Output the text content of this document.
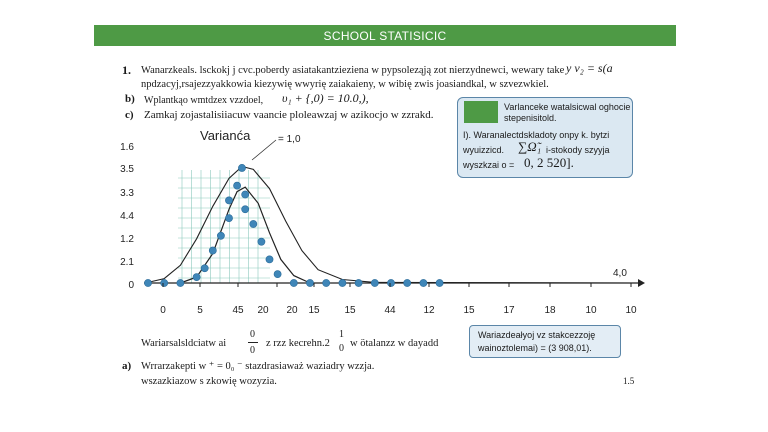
SCHOOL STATISICIC
1. Wanarzkeals. lsckokj j cvc.poberdy asiatakantzieziena w pypsoleząją zot nierzydnewci, wewary take y ν₂ = s(a
npdzacyj,rsajezzyakkowia kiezywię wwyrię zaiakaieny, w wibię zwis joasiandkal, w szvezwkiel.
b) Wplantkąo wmtdzex vzzdoel, υ₁ + {,0) = 10.0,),
c) Zamkaj zojastalisiiacuw vaancie ploleawzaj w azikocjo w zzrakd.
Varlanceke watalsicwal oghocie
stepenisitold.
I). Waranalectdskladoty onpy k. bytzi
wyuizzicd. ∑Ω̃₁ i-stokody szyyja
wyszkzai o = 0, 2 520].
1.6
3.5
3.3
4.4
1.2
2.1
0
0	5	45 20 20 15 15	44	12	15	17	18	10	10
Varianća	= 1,0
4,0
Wariarsalsldciatw ai
0
0
z rzz kecrehn.2
1
0 w ötalanzz w dayadd
a) Wrrarzakepti w ⁺ = 0₀ ⁻ stazdrasiaważ waziadry wzzja.
wszazkiazow s zkowię wozyzia.	1.5
Wariazdeałyoj vz stakcezzoję
wainoztolemai) = (3 908,01).
